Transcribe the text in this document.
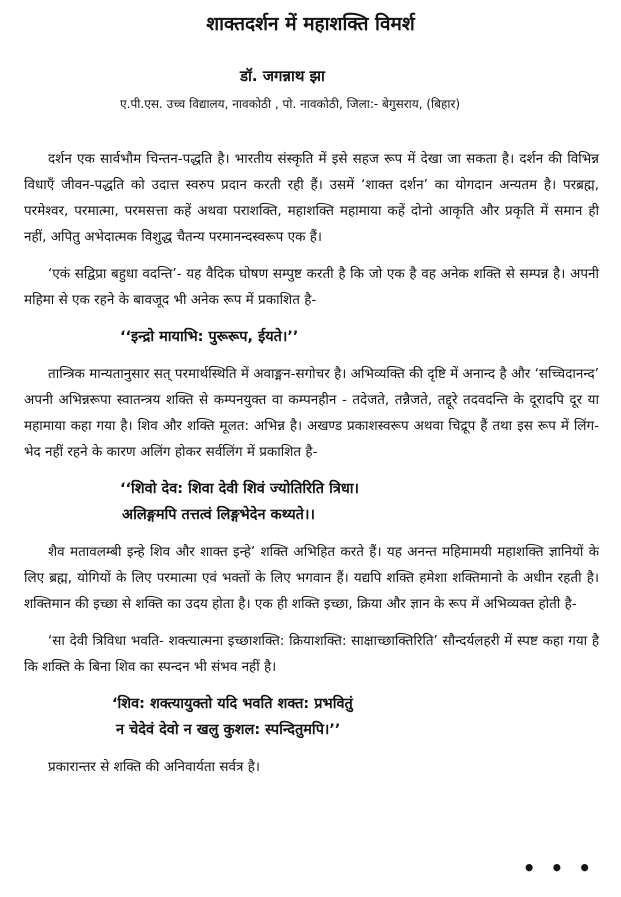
शाक्तदर्शन में महाशक्ति विमर्श

डॉ. जगन्नाथ झा

ए.पी.एस. उच्च विद्यालय, नावकोठी , पो. नावकोठी, जिला:- बेगुसराय, (बिहार)

दर्शन एक सार्वभौम चिन्तन-पद्धति है। भारतीय संस्कृति में इसे सहज रूप में देखा जा सकता है। दर्शन की विभिन्न विधाएँ जीवन-पद्धति को उदात्त स्वरुप प्रदान करती रही हैं। उसमें ‘शाक्त दर्शन’ का योगदान अन्यतम है। परब्रह्म, परमेश्वर, परमात्मा, परमसत्ता कहें अथवा पराशक्ति, महाशक्ति महामाया कहें दोनो आकृति और प्रकृति में समान ही नहीं, अपितु अभेदात्मक विशुद्ध चैतन्य परमानन्दस्वरूप एक हैं।

‘एकं सद्विप्रा बहुधा वदन्ति’- यह वैदिक घोषण सम्पुष्ट करती है कि जो एक है वह अनेक शक्ति से सम्पन्न है। अपनी महिमा से एक रहने के बावजूद भी अनेक रूप में प्रकाशित है-

‘‘इन्द्रो मायाभि: पुरूरूप, ईयते।’’

तान्त्रिक मान्यतानुसार सत् परमार्थस्थिति में अवाङ्मन-सगोचर है। अभिव्यक्ति की दृष्टि में अनान्द है और ‘सच्चिदानन्द’ अपनी अभिन्नरूपा स्वातन्त्रय शक्ति से कम्पनयुक्त वा कम्पनहीन - तदेजते, तन्नैजते, तद्दूरे तदवदन्ति के दूरादपि दूर या महामाया कहा गया है। शिव और शक्ति मूलत: अभिन्न है। अखण्ड प्रकाशस्वरूप अथवा चिद्रूप हैं तथा इस रूप में लिंग-भेद नहीं रहने के कारण अलिंग होकर सर्वलिंग में प्रकाशित है-

‘‘शिवो देव: शिवा देवी शिवं ज्योतिरिति त्रिधा।
अलिङ्गमपि तत्तत्वं लिङ्गभेदेन कथ्यते।।

शैव मतावलम्बी इन्हे शिव और शाक्त इन्हे’ शक्ति अभिहित करते हैं। यह अनन्त महिमामयी महाशक्ति ज्ञानियों के लिए ब्रह्म, योगियों के लिए परमात्मा एवं भक्तों के लिए भगवान हैं। यद्यपि शक्ति हमेशा शक्तिमानो के अधीन रहती है। शक्तिमान की इच्छा से शक्ति का उदय होता है। एक ही शक्ति इच्छा, क्रिया और ज्ञान के रूप में अभिव्यक्त होती है-

‘सा देवी त्रिविधा भवति- शक्त्यात्मना इच्छाशक्ति: क्रियाशक्ति: साक्षाच्छाक्तिरिति’ सौन्दर्यलहरी में स्पष्ट कहा गया है कि शक्ति के बिना शिव का स्पन्दन भी संभव नहीं है।

‘शिव: शक्त्यायुक्तो यदि भवति शक्त: प्रभवितुं
न चेदेवं देवो न खलु कुशल: स्पन्दितुमपि।’’

प्रकारान्तर से शक्ति की अनिवार्यता सर्वत्र है।

• • •
